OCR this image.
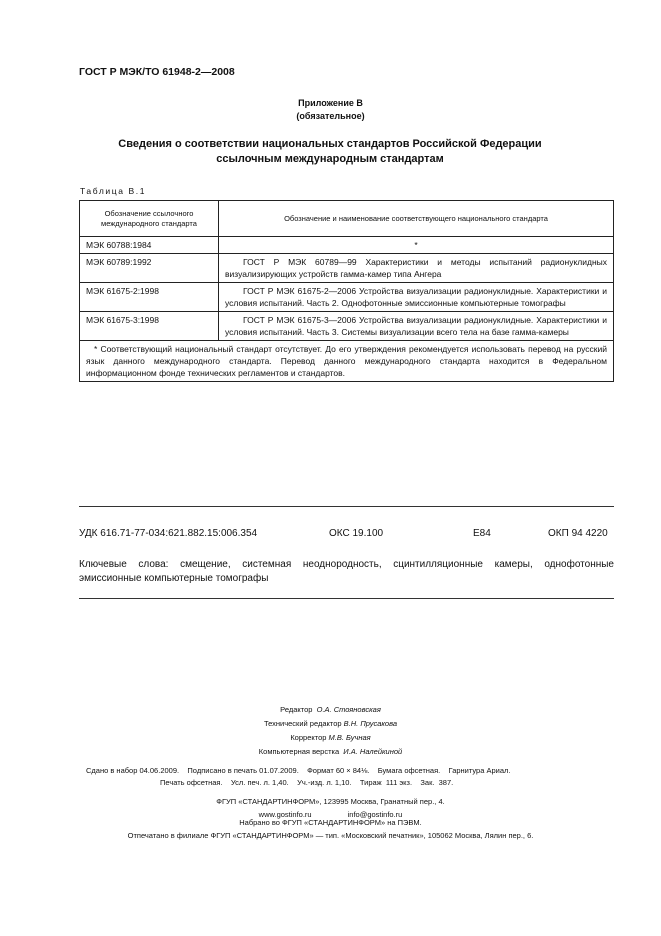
ГОСТ Р МЭК/ТО 61948-2—2008
Приложение В
(обязательное)
Сведения о соответствии национальных стандартов Российской Федерации
ссылочным международным стандартам
Таблица В.1
Обозначение ссылочного международного стандарта	Обозначение и наименование соответствующего национального стандарта
МЭК 60788:1984	*
МЭК 60789:1992	ГОСТ Р МЭК 60789—99 Характеристики и методы испытаний радионуклидных визуализирующих устройств гамма-камер типа Ангера
МЭК 61675-2:1998	ГОСТ Р МЭК 61675-2—2006 Устройства визуализации радионуклидные. Характеристики и условия испытаний. Часть 2. Однофотонные эмиссионные компьютерные томографы
МЭК 61675-3:1998	ГОСТ Р МЭК 61675-3—2006 Устройства визуализации радионуклидные. Характеристики и условия испытаний. Часть 3. Системы визуализации всего тела на базе гамма-камеры
* Соответствующий национальный стандарт отсутствует. До его утверждения рекомендуется использовать перевод на русский язык данного международного стандарта. Перевод данного международного стандарта находится в Федеральном информационном фонде технических регламентов и стандартов.	
УДК 616.71-77-034:621.882.15:006.354	ОКС 19.100	Е84	ОКП 94 4220
Ключевые слова: смещение, системная неоднородность, сцинтилляционные камеры, однофотонные эмиссионные компьютерные томографы
Редактор О.А. Стояновская
Технический редактор В.Н. Прусакова
Корректор М.В. Бучная
Компьютерная верстка И.А. Налейкиной
Сдано в набор 04.06.2009.    Подписано в печать 01.07.2009.    Формат 60 × 84⅛.    Бумага офсетная.    Гарнитура Ариал.
Печать офсетная.    Усл. печ. л. 1,40.    Уч.-изд. л. 1,10.    Тираж  111 экз.    Зак.  387.
ФГУП «СТАНДАРТИНФОРМ», 123995 Москва, Гранатный пер., 4.
www.gostinfo.ru	info@gostinfo.ru
Набрано во ФГУП «СТАНДАРТИНФОРМ» на ПЭВМ.
Отпечатано в филиале ФГУП «СТАНДАРТИНФОРМ» — тип. «Московский печатник», 105062 Москва, Лялин пер., 6.
